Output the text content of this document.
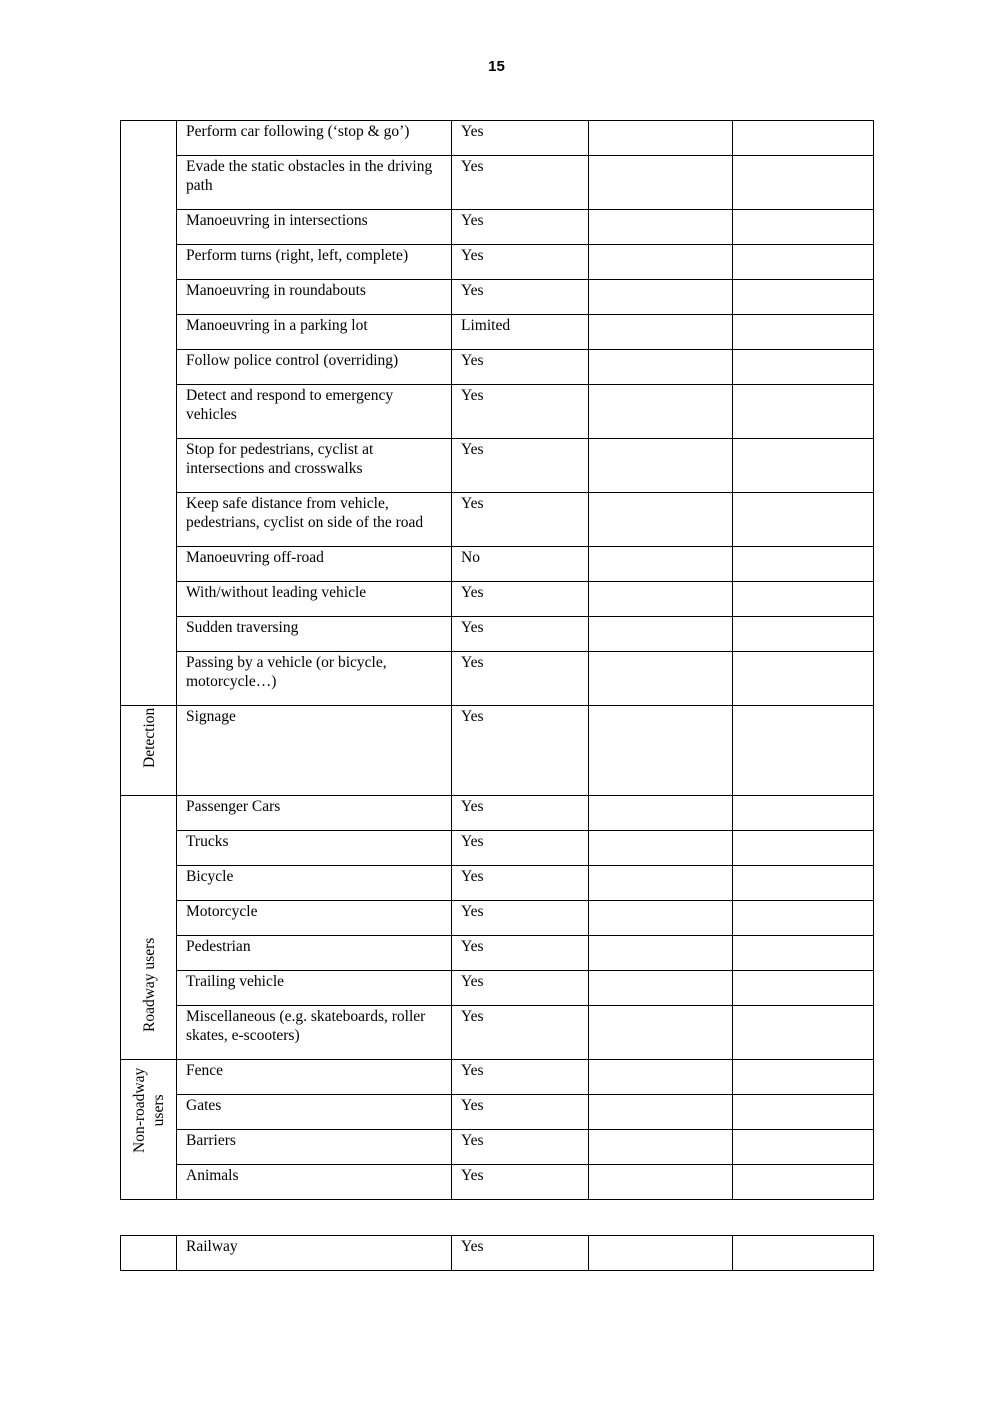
15

	Perform car following (‘stop & go’)	Yes		

	Evade the static obstacles in the driving path	Yes		

	Manoeuvring in intersections	Yes		

	Perform turns (right, left, complete)	Yes		

	Manoeuvring in roundabouts	Yes		

	Manoeuvring in a parking lot	Limited		

	Follow police control (overriding)	Yes		

	Detect and respond to emergency vehicles	Yes		

	Stop for pedestrians, cyclist at intersections and crosswalks	Yes		

	Keep safe distance from vehicle, pedestrians, cyclist on side of the road	Yes		

	Manoeuvring off-road	No		

	With/without leading vehicle	Yes		

	Sudden traversing	Yes		

	Passing by a vehicle (or bicycle, motorcycle…)	Yes		

Detection	Signage	Yes		

Roadway users	Passenger Cars	Yes		

	Trucks	Yes		

	Bicycle	Yes		

	Motorcycle	Yes		

	Pedestrian	Yes		

	Trailing vehicle	Yes		

	Miscellaneous (e.g. skateboards, roller skates, e-scooters)	Yes		

Non-roadway users	Fence	Yes		

	Gates	Yes		

	Barriers	Yes		

	Animals	Yes		

Railway	Yes
